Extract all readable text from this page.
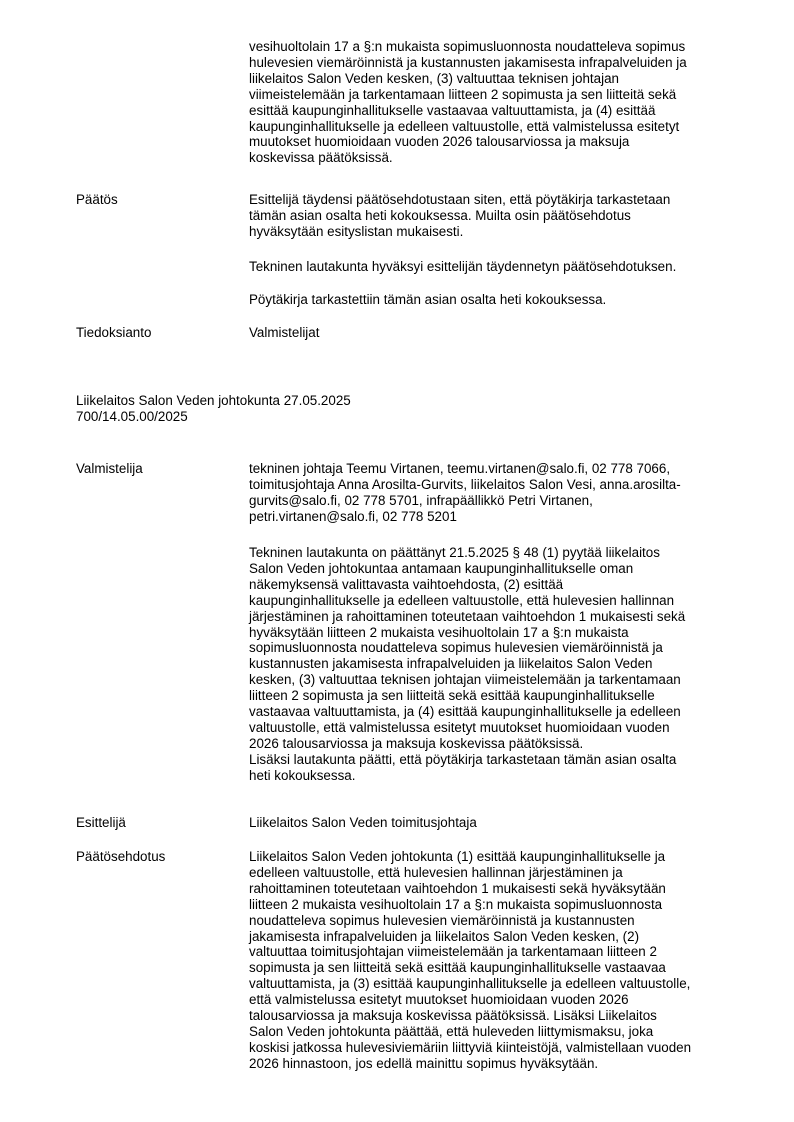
vesihuoltolain 17 a §:n mukaista sopimusluonnosta noudatteleva sopimus
hulevesien viemäröinnistä ja kustannusten jakamisesta infrapalveluiden ja
liikelaitos Salon Veden kesken, (3) valtuuttaa teknisen johtajan
viimeistelemään ja tarkentamaan liitteen 2 sopimusta ja sen liitteitä sekä
esittää kaupunginhallitukselle vastaavaa valtuuttamista, ja (4) esittää
kaupunginhallitukselle ja edelleen valtuustolle, että valmistelussa esitetyt
muutokset huomioidaan vuoden 2026 talousarviossa ja maksuja
koskevissa päätöksissä.

Päätös	Esittelijä täydensi päätösehdotustaan siten, että pöytäkirja tarkastetaan
tämän asian osalta heti kokouksessa. Muilta osin päätösehdotus
hyväksytään esityslistan mukaisesti.

Tekninen lautakunta hyväksyi esittelijän täydennetyn päätösehdotuksen.

Pöytäkirja tarkastettiin tämän asian osalta heti kokouksessa.

Tiedoksianto	Valmistelijat

Liikelaitos Salon Veden johtokunta 27.05.2025

700/14.05.00/2025

Valmistelija	tekninen johtaja Teemu Virtanen, teemu.virtanen@salo.fi, 02 778 7066,
toimitusjohtaja Anna Arosilta-Gurvits, liikelaitos Salon Vesi, anna.arosilta-
gurvits@salo.fi, 02 778 5701, infrapäällikkö Petri Virtanen,
petri.virtanen@salo.fi, 02 778 5201

Tekninen lautakunta on päättänyt 21.5.2025 § 48 (1) pyytää liikelaitos
Salon Veden johtokuntaa antamaan kaupunginhallitukselle oman
näkemyksensä valittavasta vaihtoehdosta, (2) esittää
kaupunginhallitukselle ja edelleen valtuustolle, että hulevesien hallinnan
järjestäminen ja rahoittaminen toteutetaan vaihtoehdon 1 mukaisesti sekä
hyväksytään liitteen 2 mukaista vesihuoltolain 17 a §:n mukaista
sopimusluonnosta noudatteleva sopimus hulevesien viemäröinnistä ja
kustannusten jakamisesta infrapalveluiden ja liikelaitos Salon Veden
kesken, (3) valtuuttaa teknisen johtajan viimeistelemään ja tarkentamaan
liitteen 2 sopimusta ja sen liitteitä sekä esittää kaupunginhallitukselle
vastaavaa valtuuttamista, ja (4) esittää kaupunginhallitukselle ja edelleen
valtuustolle, että valmistelussa esitetyt muutokset huomioidaan vuoden
2026 talousarviossa ja maksuja koskevissa päätöksissä.
Lisäksi lautakunta päätti, että pöytäkirja tarkastetaan tämän asian osalta
heti kokouksessa.

Esittelijä	Liikelaitos Salon Veden toimitusjohtaja

Päätösehdotus	Liikelaitos Salon Veden johtokunta (1) esittää kaupunginhallitukselle ja
edelleen valtuustolle, että hulevesien hallinnan järjestäminen ja
rahoittaminen toteutetaan vaihtoehdon 1 mukaisesti sekä hyväksytään
liitteen 2 mukaista vesihuoltolain 17 a §:n mukaista sopimusluonnosta
noudatteleva sopimus hulevesien viemäröinnistä ja kustannusten
jakamisesta infrapalveluiden ja liikelaitos Salon Veden kesken, (2)
valtuuttaa toimitusjohtajan viimeistelemään ja tarkentamaan liitteen 2
sopimusta ja sen liitteitä sekä esittää kaupunginhallitukselle vastaavaa
valtuuttamista, ja (3) esittää kaupunginhallitukselle ja edelleen valtuustolle,
että valmistelussa esitetyt muutokset huomioidaan vuoden 2026
talousarviossa ja maksuja koskevissa päätöksissä. Lisäksi Liikelaitos
Salon Veden johtokunta päättää, että huleveden liittymismaksu, joka
koskisi jatkossa hulevesiviemäriin liittyviä kiinteistöjä, valmistellaan vuoden
2026 hinnastoon, jos edellä mainittu sopimus hyväksytään.
